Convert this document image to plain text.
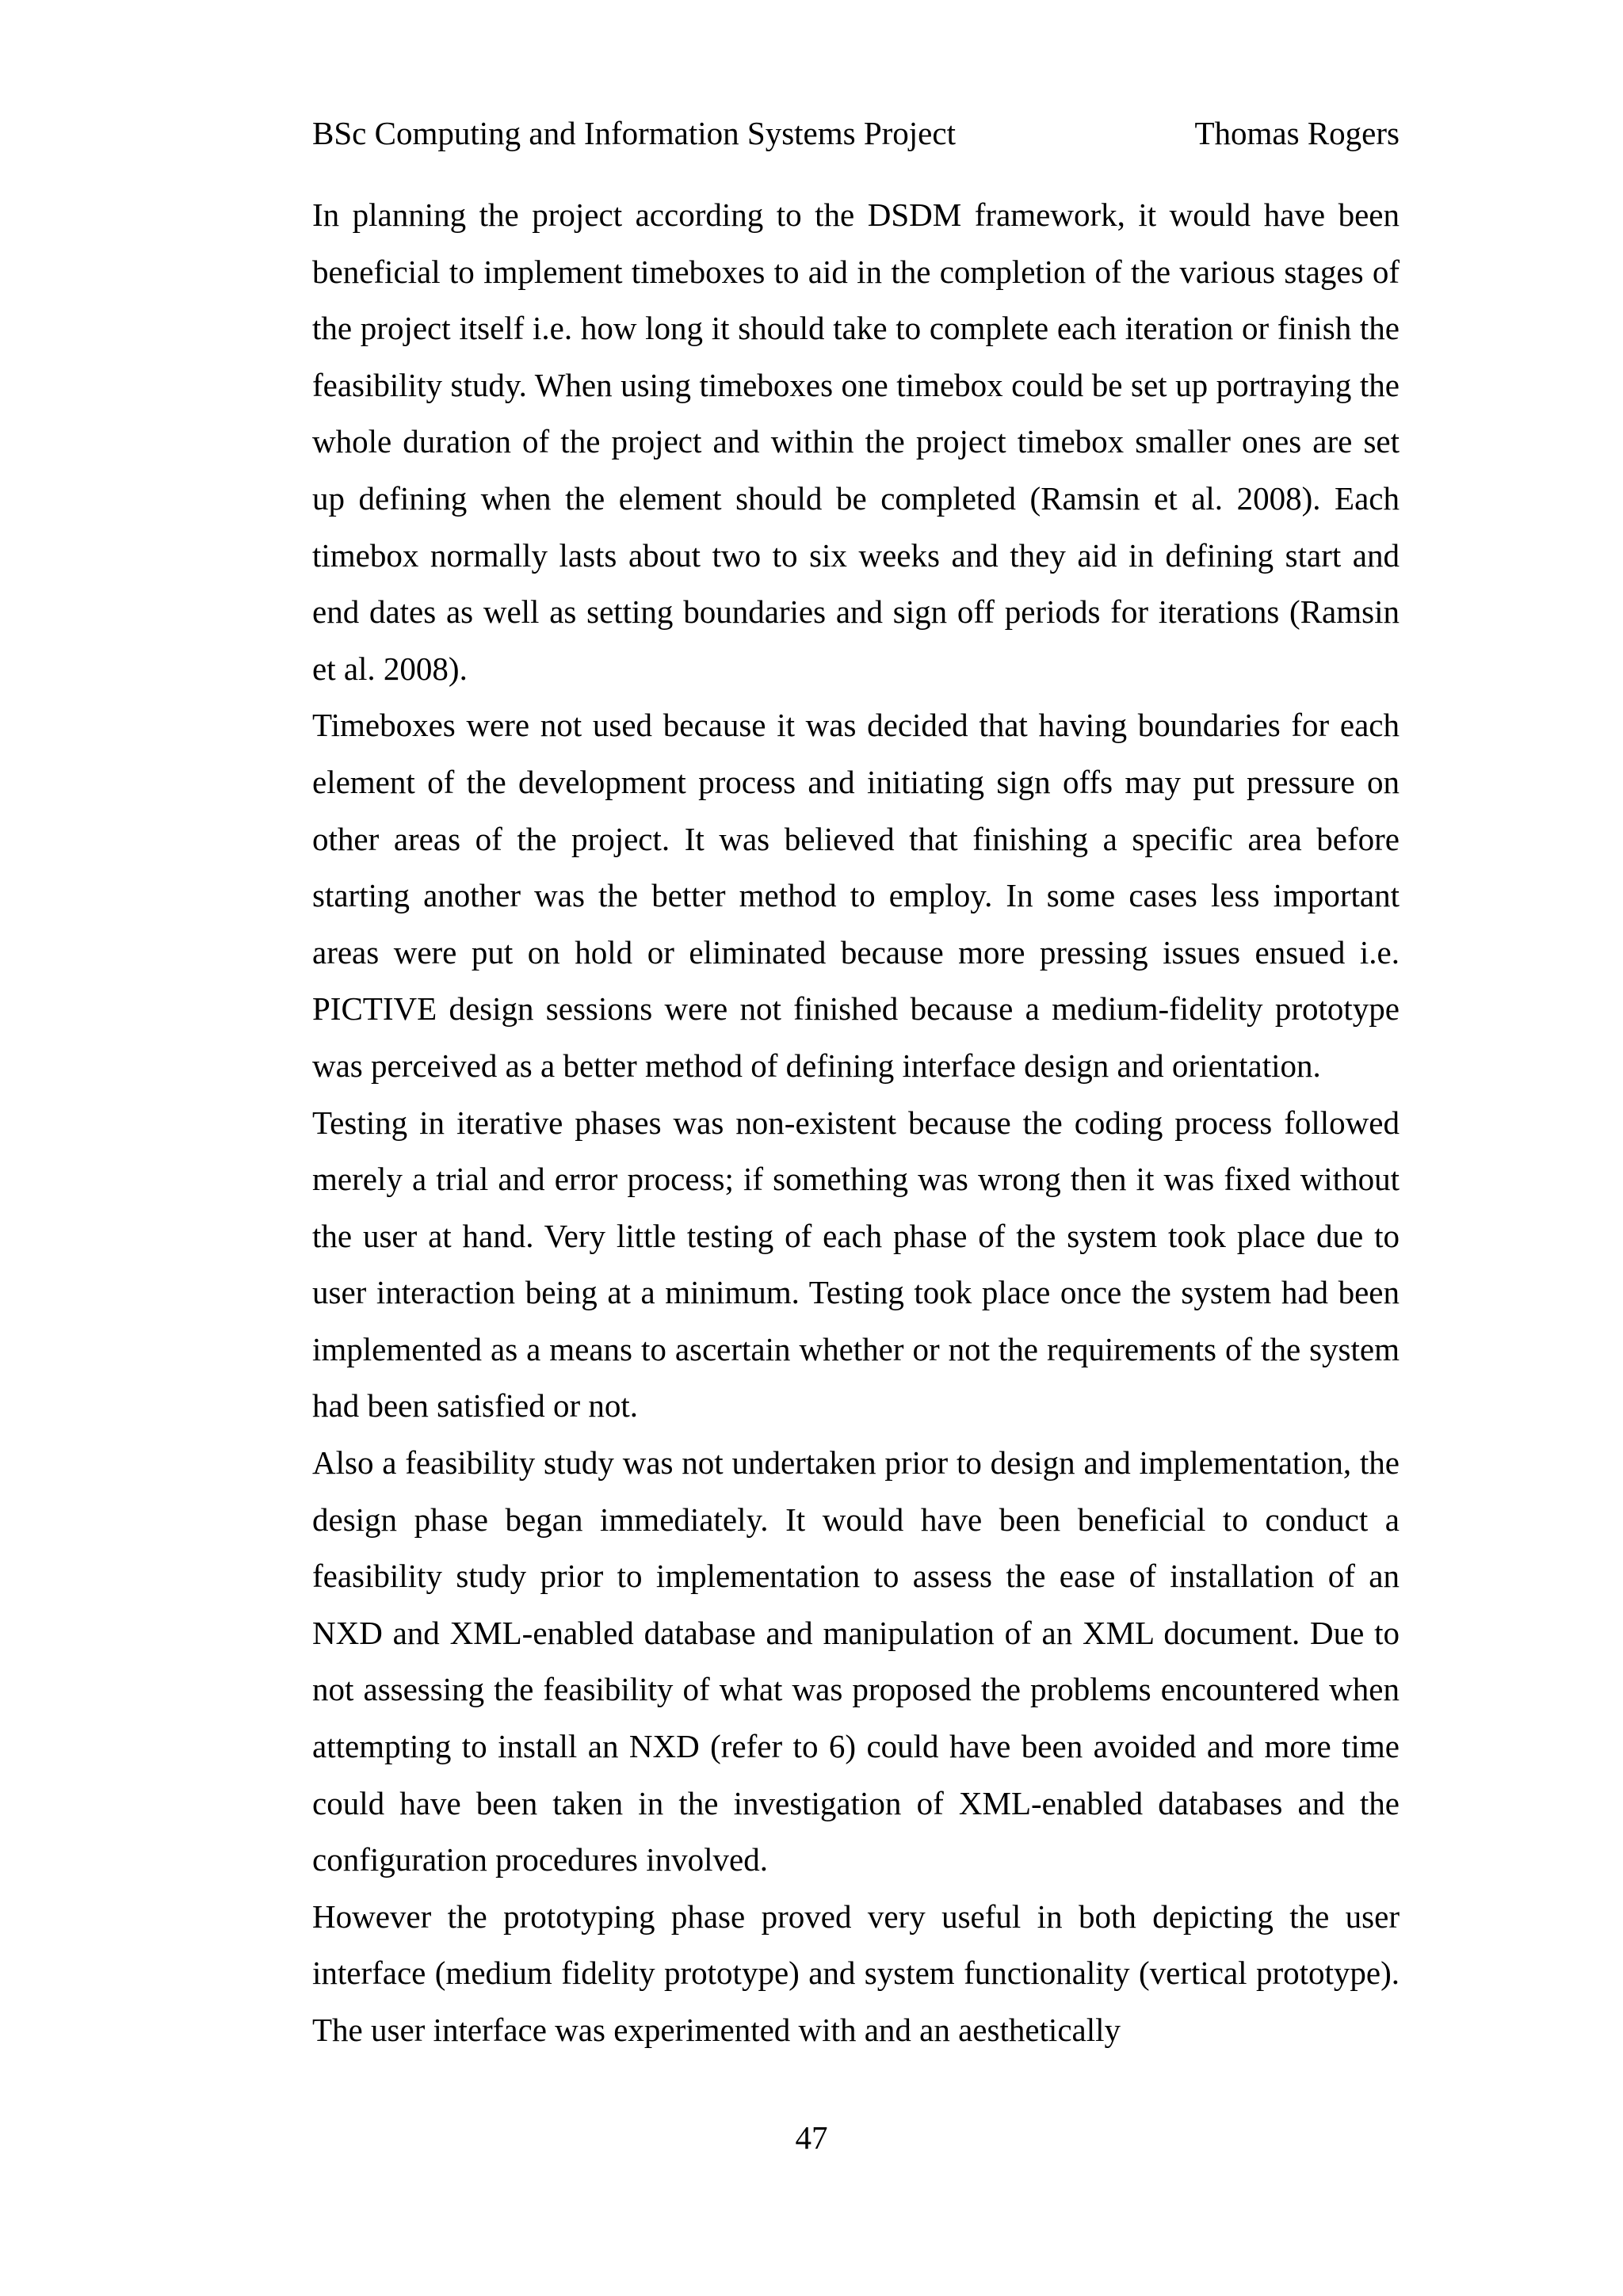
BSc Computing and Information Systems Project	Thomas Rogers

In planning the project according to the DSDM framework, it would have been beneficial to implement timeboxes to aid in the completion of the various stages of the project itself i.e. how long it should take to complete each iteration or finish the feasibility study. When using timeboxes one timebox could be set up portraying the whole duration of the project and within the project timebox smaller ones are set up defining when the element should be completed (Ramsin et al. 2008). Each timebox normally lasts about two to six weeks and they aid in defining start and end dates as well as setting boundaries and sign off periods for iterations (Ramsin et al. 2008).

Timeboxes were not used because it was decided that having boundaries for each element of the development process and initiating sign offs may put pressure on other areas of the project. It was believed that finishing a specific area before starting another was the better method to employ. In some cases less important areas were put on hold or eliminated because more pressing issues ensued i.e. PICTIVE design sessions were not finished because a medium-fidelity prototype was perceived as a better method of defining interface design and orientation.

Testing in iterative phases was non-existent because the coding process followed merely a trial and error process; if something was wrong then it was fixed without the user at hand. Very little testing of each phase of the system took place due to user interaction being at a minimum. Testing took place once the system had been implemented as a means to ascertain whether or not the requirements of the system had been satisfied or not.

Also a feasibility study was not undertaken prior to design and implementation, the design phase began immediately. It would have been beneficial to conduct a feasibility study prior to implementation to assess the ease of installation of an NXD and XML-enabled database and manipulation of an XML document. Due to not assessing the feasibility of what was proposed the problems encountered when attempting to install an NXD (refer to 6) could have been avoided and more time could have been taken in the investigation of XML-enabled databases and the configuration procedures involved.

However the prototyping phase proved very useful in both depicting the user interface (medium fidelity prototype) and system functionality (vertical prototype). The user interface was experimented with and an aesthetically

47
